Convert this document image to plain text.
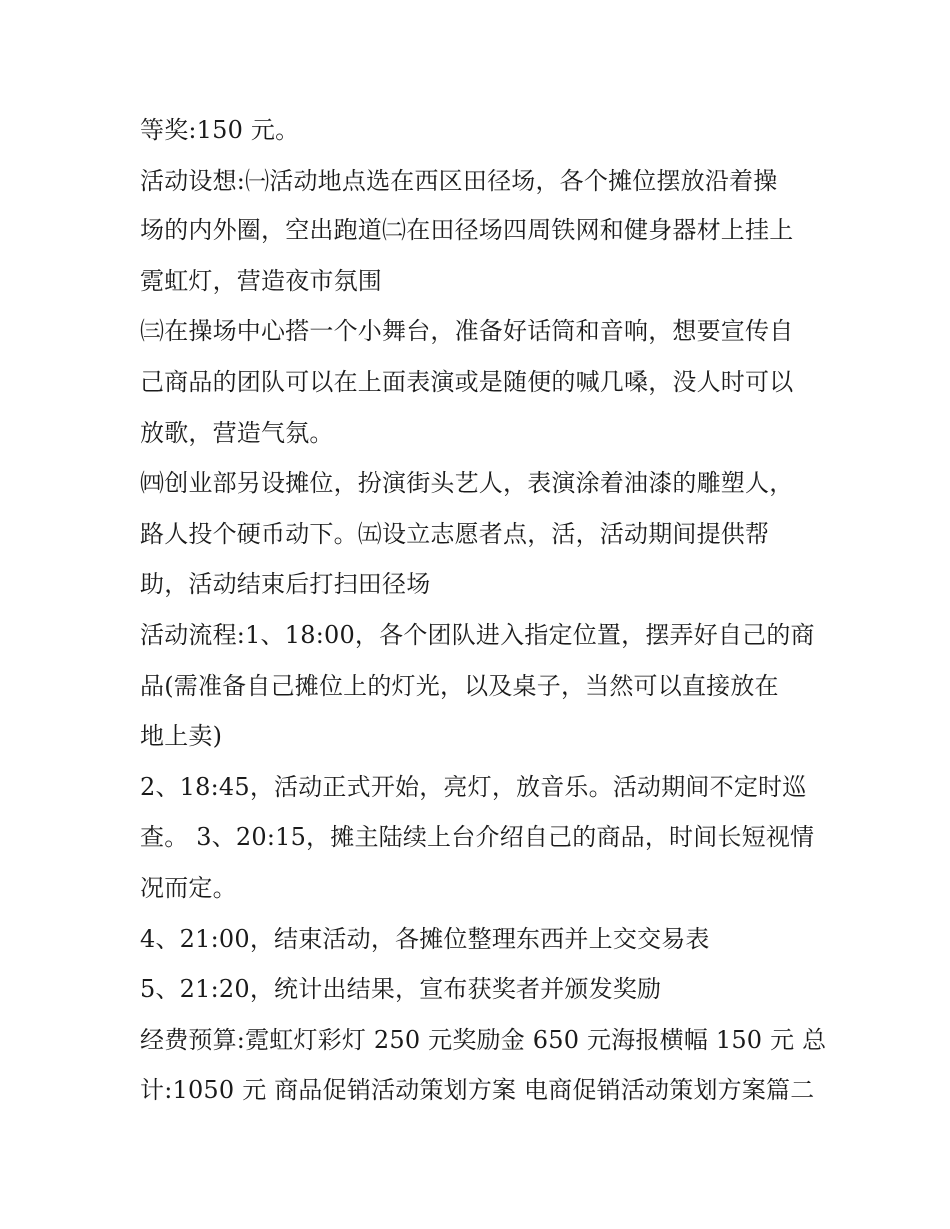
等奖:150 元。
活动设想:㈠活动地点选在西区田径场，各个摊位摆放沿着操
场的内外圈，空出跑道㈡在田径场四周铁网和健身器材上挂上
霓虹灯，营造夜市氛围
㈢在操场中心搭一个小舞台，准备好话筒和音响，想要宣传自
己商品的团队可以在上面表演或是随便的喊几嗓，没人时可以
放歌，营造气氛。
㈣创业部另设摊位，扮演街头艺人，表演涂着油漆的雕塑人，
路人投个硬币动下。㈤设立志愿者点，活，活动期间提供帮
助，活动结束后打扫田径场
活动流程:1、18:00，各个团队进入指定位置，摆弄好自己的商
品(需准备自己摊位上的灯光，以及桌子，当然可以直接放在
地上卖)
2、18:45，活动正式开始，亮灯，放音乐。活动期间不定时巡
查。 3、20:15，摊主陆续上台介绍自己的商品，时间长短视情
况而定。
4、21:00，结束活动，各摊位整理东西并上交交易表
5、21:20，统计出结果，宣布获奖者并颁发奖励
经费预算:霓虹灯彩灯 250 元奖励金 650 元海报横幅 150 元 总
计:1050 元 商品促销活动策划方案 电商促销活动策划方案篇二
